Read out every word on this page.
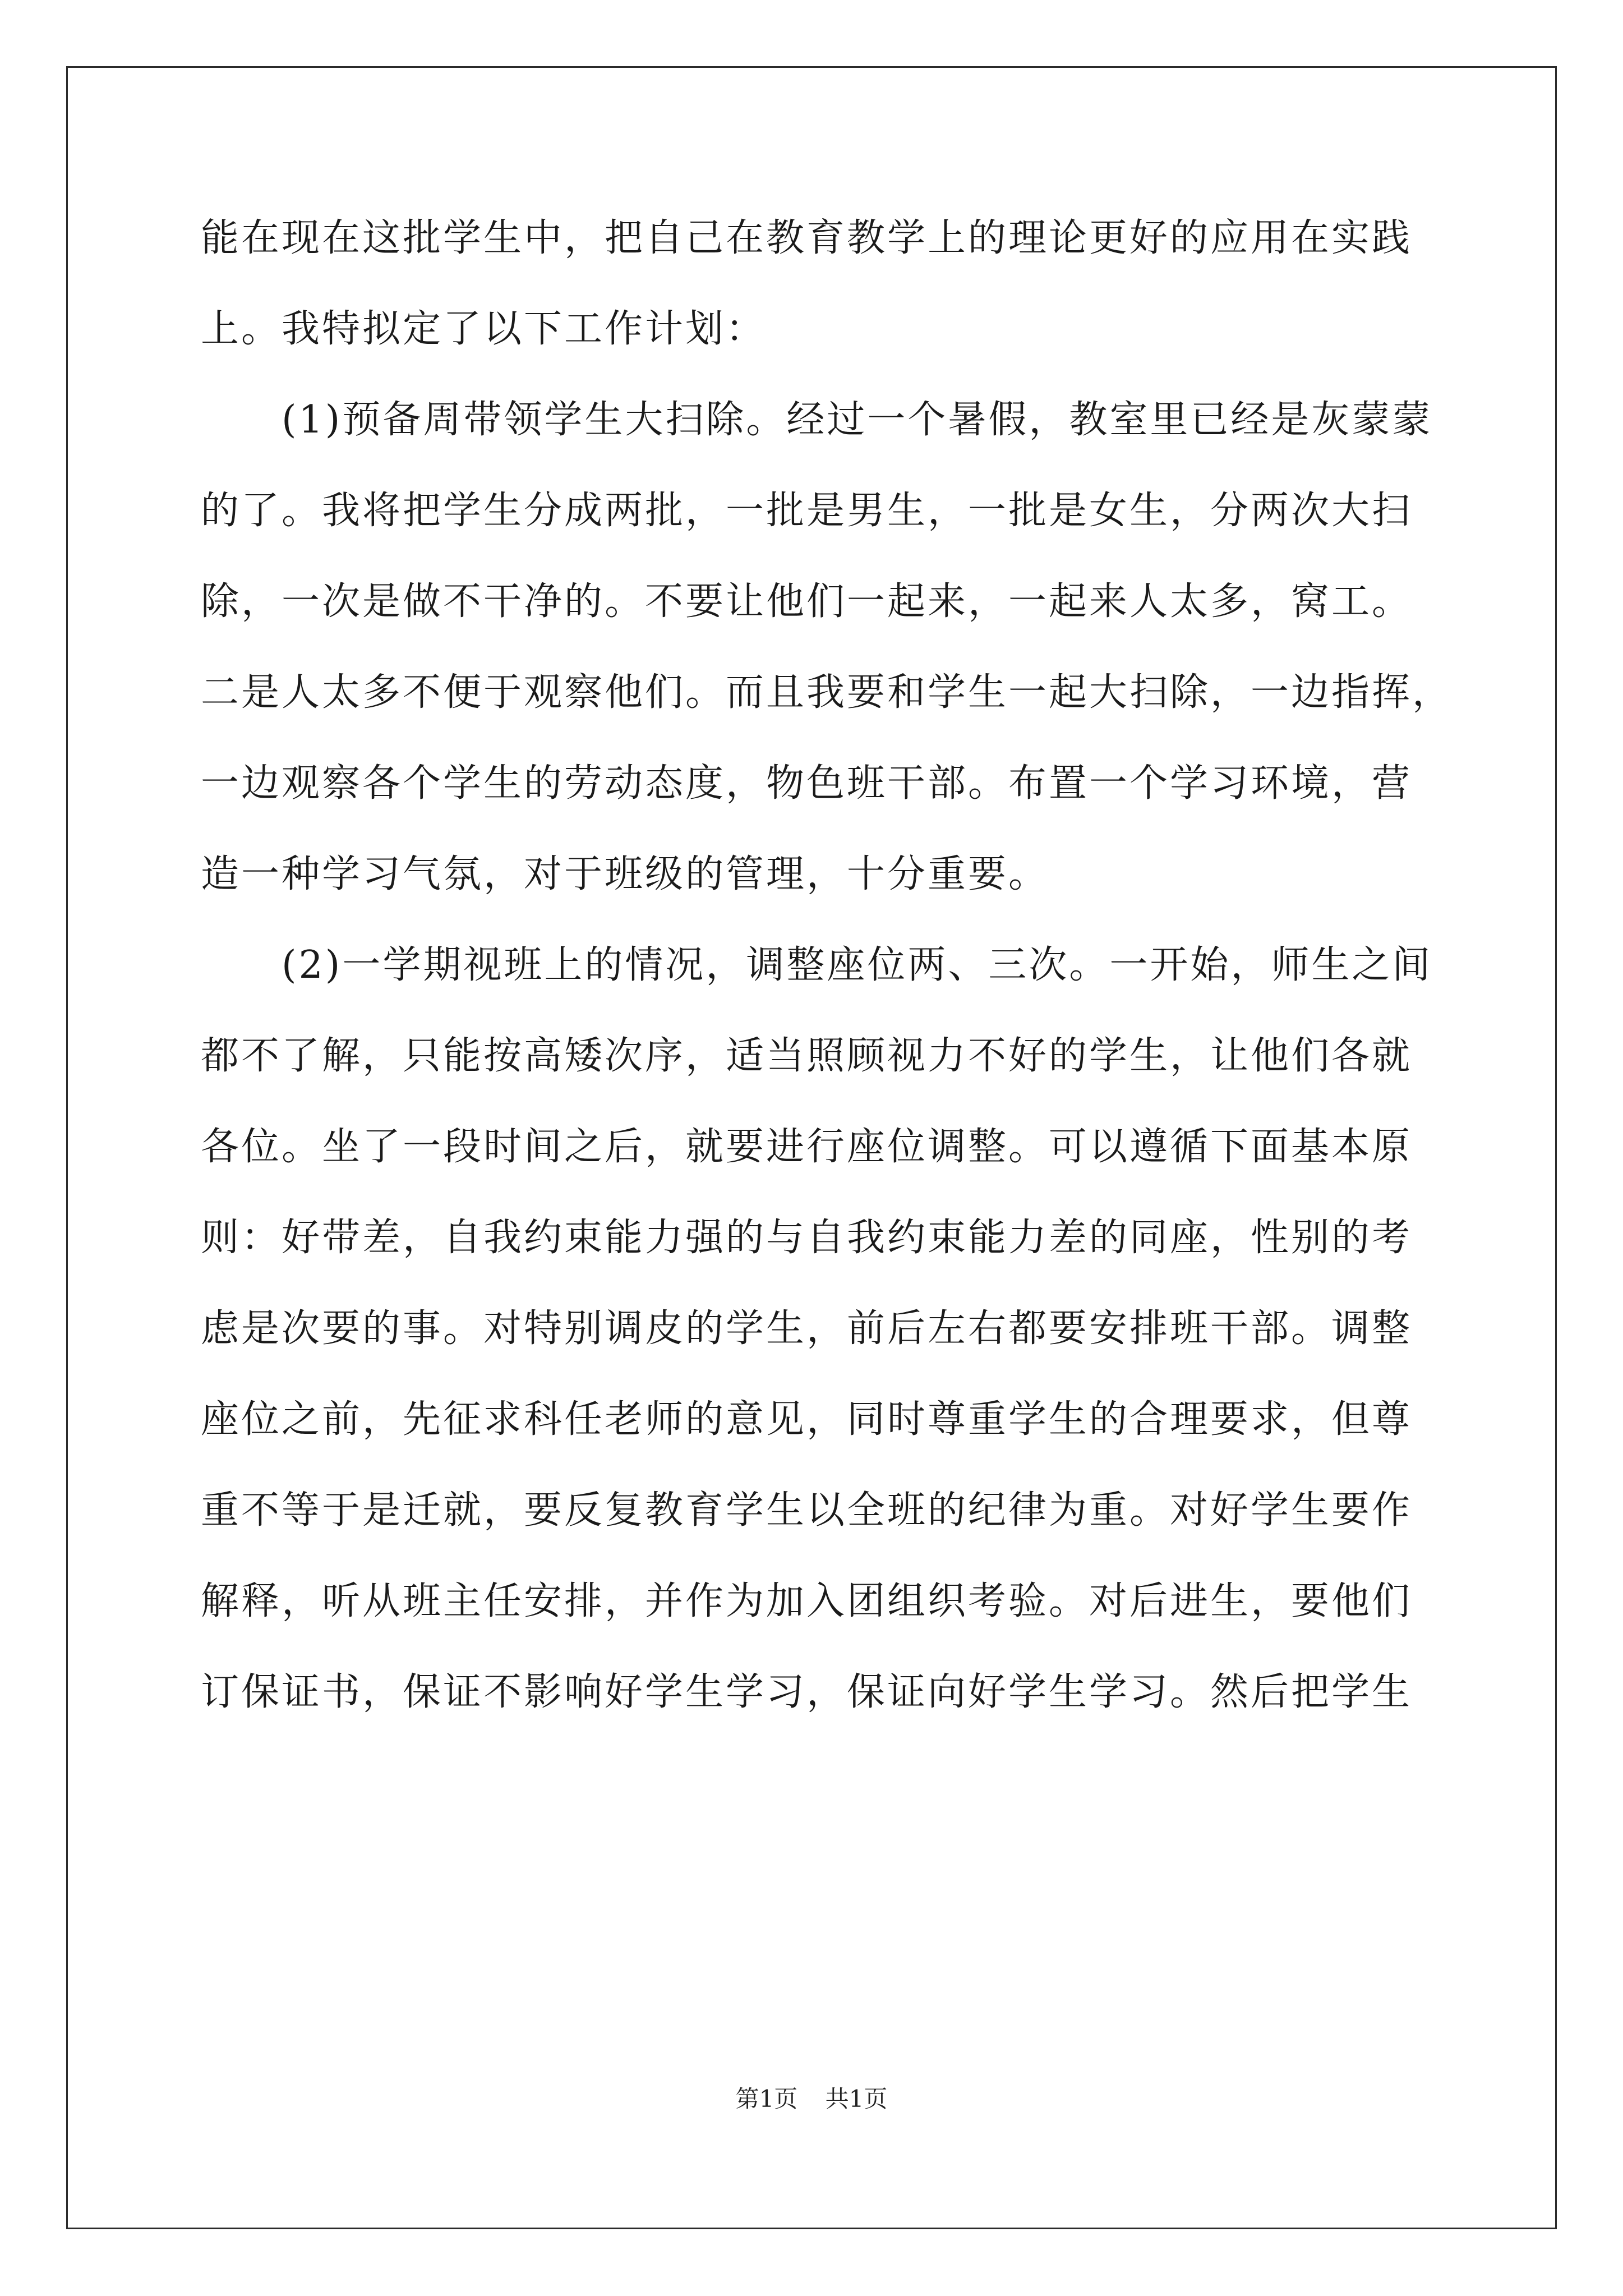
能在现在这批学生中，把自己在教育教学上的理论更好的应用在实践
上。我特拟定了以下工作计划：
　　(1)预备周带领学生大扫除。经过一个暑假，教室里已经是灰蒙蒙
的了。我将把学生分成两批，一批是男生，一批是女生，分两次大扫
除，一次是做不干净的。不要让他们一起来，一起来人太多，窝工。
二是人太多不便于观察他们。而且我要和学生一起大扫除，一边指挥，
一边观察各个学生的劳动态度，物色班干部。布置一个学习环境，营
造一种学习气氛，对于班级的管理，十分重要。
　　(2)一学期视班上的情况，调整座位两、三次。一开始，师生之间
都不了解，只能按高矮次序，适当照顾视力不好的学生，让他们各就
各位。坐了一段时间之后，就要进行座位调整。可以遵循下面基本原
则：好带差，自我约束能力强的与自我约束能力差的同座，性别的考
虑是次要的事。对特别调皮的学生，前后左右都要安排班干部。调整
座位之前，先征求科任老师的意见，同时尊重学生的合理要求，但尊
重不等于是迁就，要反复教育学生以全班的纪律为重。对好学生要作
解释，听从班主任安排，并作为加入团组织考验。对后进生，要他们
订保证书，保证不影响好学生学习，保证向好学生学习。然后把学生
第1页 共1页
